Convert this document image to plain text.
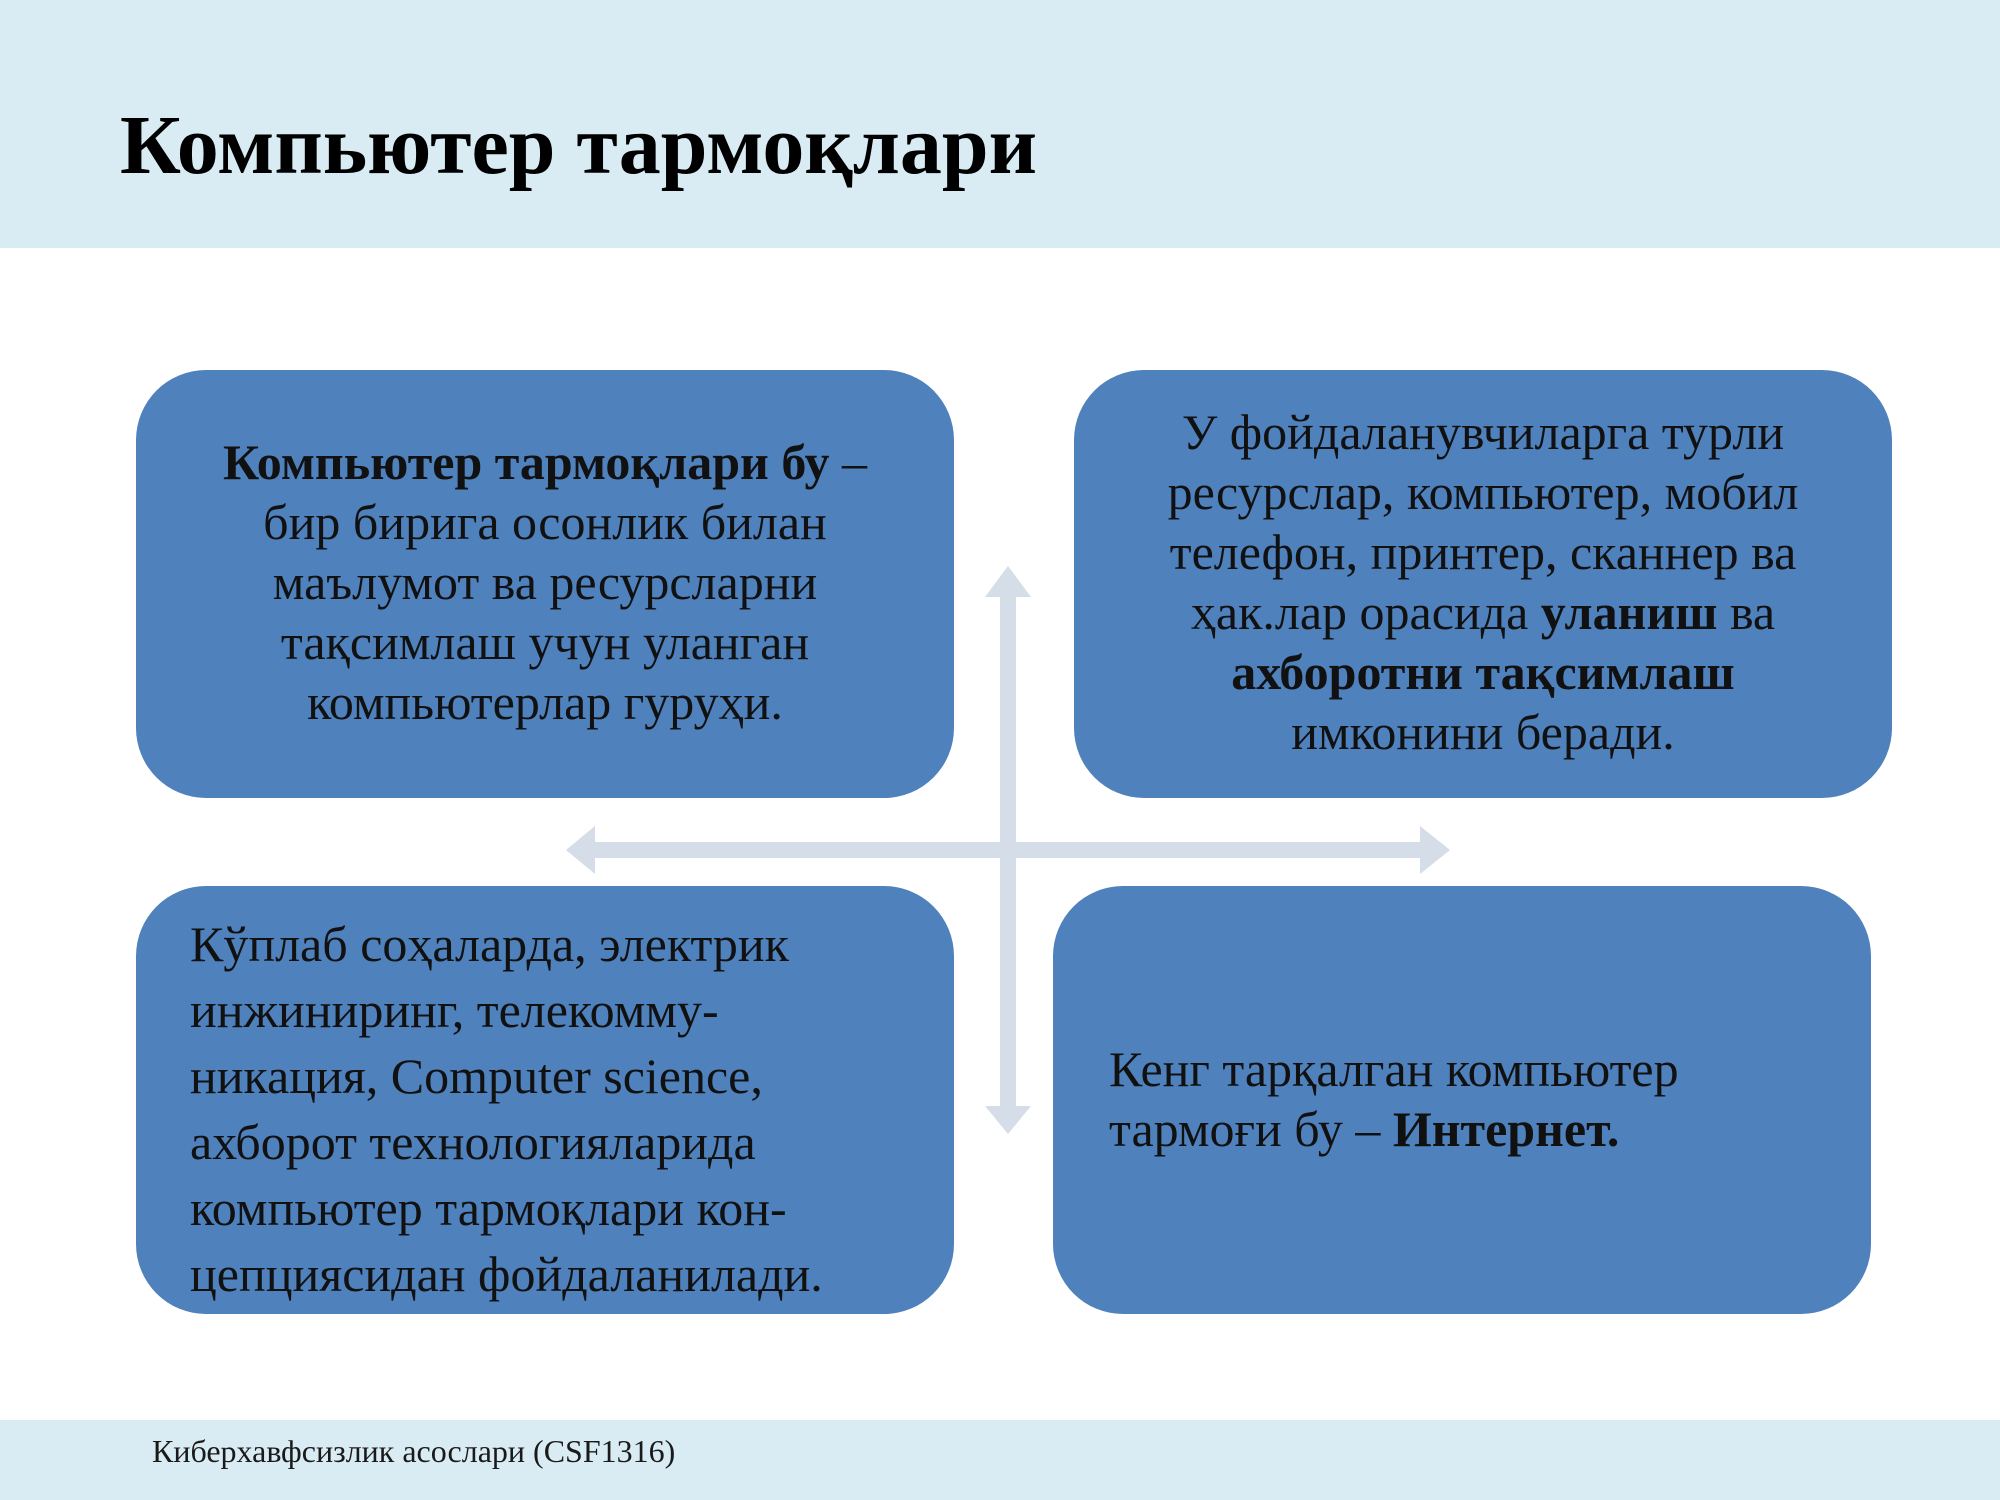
Компьютер тармоқлари
Компьютер тармоқлари бу –
бир бирига осонлик билан
маълумот ва ресурсларни
тақсимлаш учун уланган
компьютерлар гуруҳи.
У фойдаланувчиларга турли
ресурслар, компьютер, мобил
телефон, принтер, сканнер ва
ҳак.лар орасида уланиш ва
ахборотни тақсимлаш
имконини беради.
Кўплаб соҳаларда, электрик
инжиниринг, телекомму-
никация, Computer science,
ахборот технологияларида
компьютер тармоқлари кон-
цепциясидан фойдаланилади.
Кенг тарқалган компьютер
тармоғи бу – Интернет.
Киберхавфсизлик асослари (CSF1316)
